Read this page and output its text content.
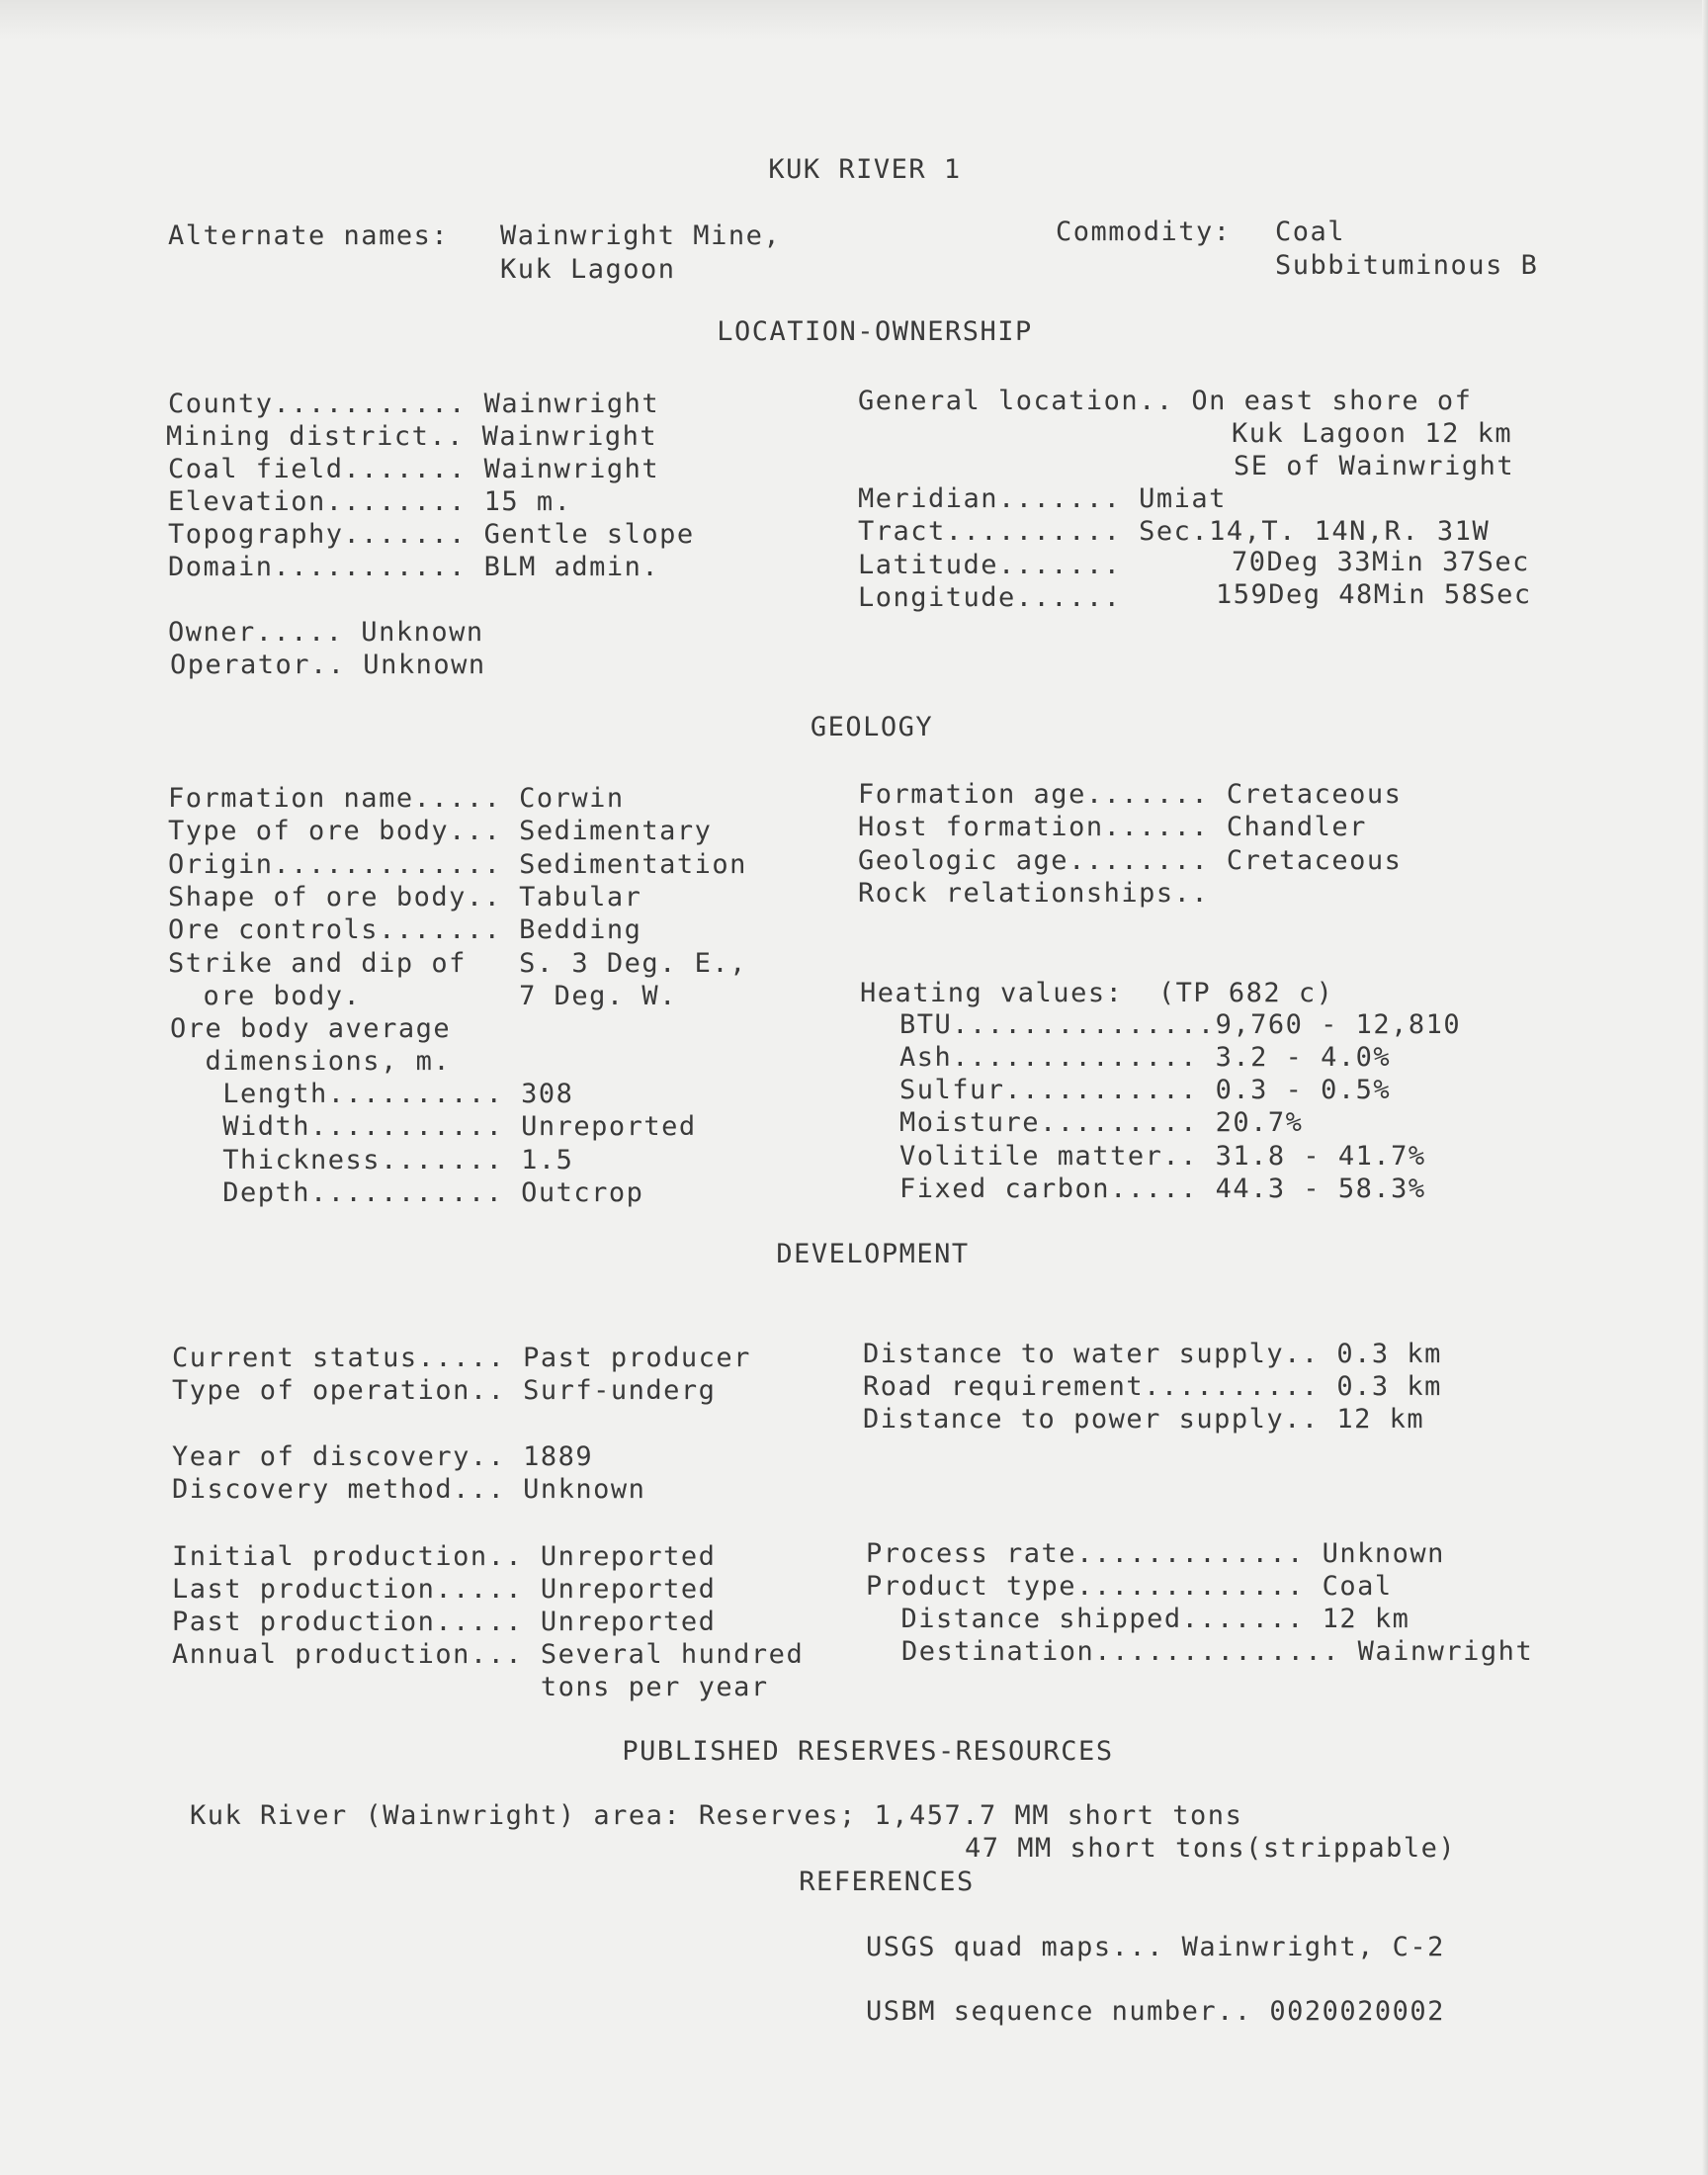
KUK RIVER 1
Alternate names: Wainwright Mine,
Kuk Lagoon
Commodity: Coal
Subbituminous B
LOCATION-OWNERSHIP
County........... Wainwright
Mining district.. Wainwright
Coal field....... Wainwright
Elevation........ 15 m.
Topography....... Gentle slope
Domain........... BLM admin.
General location.. On east shore of
Kuk Lagoon 12 km
SE of Wainwright
Meridian....... Umiat
Tract.......... Sec.14,T. 14N,R. 31W
Latitude.......	70Deg 33Min 37Sec
Longitude......	159Deg 48Min 58Sec
Owner..... Unknown
Operator.. Unknown
GEOLOGY
Formation name..... Corwin
Type of ore body... Sedimentary
Origin............. Sedimentation
Shape of ore body.. Tabular
Ore controls....... Bedding
Strike and dip of   S. 3 Deg. E.,
ore body.         7 Deg. W.
Ore body average
dimensions, m.
Length.......... 308
Width........... Unreported
Thickness....... 1.5
Depth........... Outcrop
Formation age....... Cretaceous
Host formation...... Chandler
Geologic age........ Cretaceous
Rock relationships..
Heating values:  (TP 682 c)
BTU...............9,760 - 12,810
Ash.............. 3.2 - 4.0%
Sulfur........... 0.3 - 0.5%
Moisture......... 20.7%
Volitile matter.. 31.8 - 41.7%
Fixed carbon..... 44.3 - 58.3%
DEVELOPMENT
Current status..... Past producer
Type of operation.. Surf-underg
Distance to water supply.. 0.3 km
Road requirement.......... 0.3 km
Distance to power supply.. 12 km
Year of discovery.. 1889
Discovery method... Unknown
Initial production.. Unreported
Last production..... Unreported
Past production..... Unreported
Annual production... Several hundred
tons per year
Process rate............. Unknown
Product type............. Coal
Distance shipped....... 12 km
Destination.............. Wainwright
PUBLISHED RESERVES-RESOURCES
Kuk River (Wainwright) area: Reserves; 1,457.7 MM short tons
47 MM short tons(strippable)
REFERENCES
USGS quad maps... Wainwright, C-2
USBM sequence number.. 0020020002
